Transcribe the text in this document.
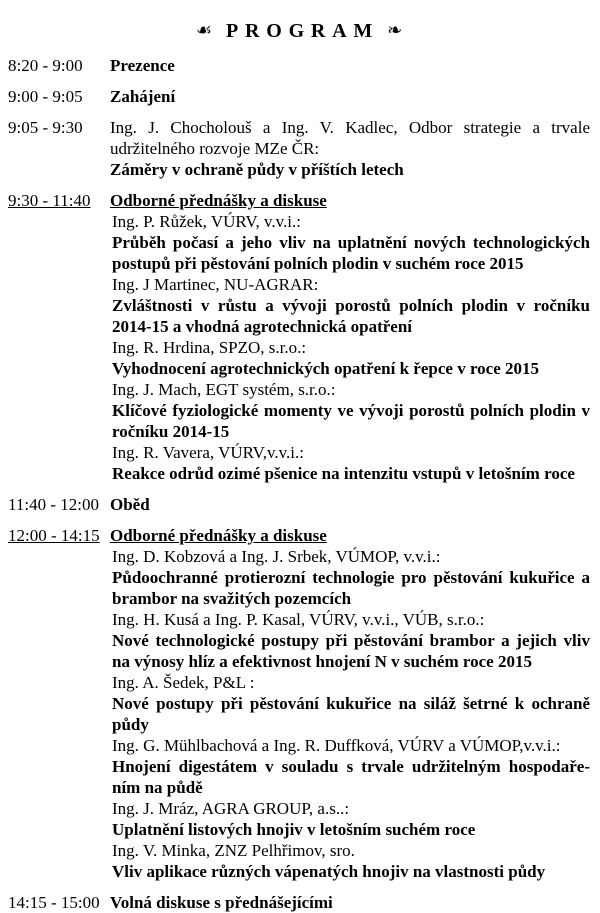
☙ PROGRAM ❧
8:20 - 9:00	Prezence
9:00 - 9:05	Zahájení
9:05 - 9:30	Ing. J. Chocholouš a Ing. V. Kadlec, Odbor strategie a trvale udržitelného rozvoje MZe ČR:

Záměry v ochraně půdy v příštích letech

9:30 - 11:40	Odborné přednášky a diskuse

Ing. P. Růžek, VÚRV, v.v.i.:

Průběh počasí a jeho vliv na uplatnění nových technologických postupů při pěstování polních plodin v suchém roce 2015

Ing. J Martinec, NU-AGRAR:

Zvláštnosti v růstu a vývoji porostů polních plodin v ročníku 2014-15 a vhodná agrotechnická opatření

Ing. R. Hrdina, SPZO, s.r.o.:

Vyhodnocení agrotechnických opatření k řepce v roce 2015

Ing. J. Mach, EGT systém, s.r.o.:

Klíčové fyziologické momenty ve vývoji porostů polních plodin v ročníku 2014-15

Ing. R. Vavera, VÚRV,v.v.i.:

Reakce odrůd ozimé pšenice na intenzitu vstupů v letošním roce

11:40 - 12:00 Oběd
12:00 - 14:15 Odborné přednášky a diskuse

Ing. D. Kobzová a Ing. J. Srbek, VÚMOP, v.v.i.:

Půdoochranné protierozní technologie pro pěstování kukuřice a brambor na svažitých pozemcích

Ing. H. Kusá a Ing. P. Kasal, VÚRV, v.v.i., VÚB, s.r.o.:

Nové technologické postupy při pěstování brambor a jejich vliv na výnosy hlíz a efektivnost hnojení N v suchém roce 2015

Ing. A. Šedek, P&L :

Nové postupy při pěstování kukuřice na siláž šetrné k ochraně půdy

Ing. G. Mühlbachová a Ing. R. Duffková, VÚRV a VÚMOP,v.v.i.:

Hnojení digestátem v souladu s trvale udržitelným hospodaře-ním na půdě

Ing. J. Mráz, AGRA GROUP, a.s..:

Uplatnění listových hnojiv v letošním suchém roce

Ing. V. Minka, ZNZ Pelhřimov, sro.

Vliv aplikace různých vápenatých hnojiv na vlastnosti půdy

14:15 - 15:00 Volná diskuse s přednášejícími
